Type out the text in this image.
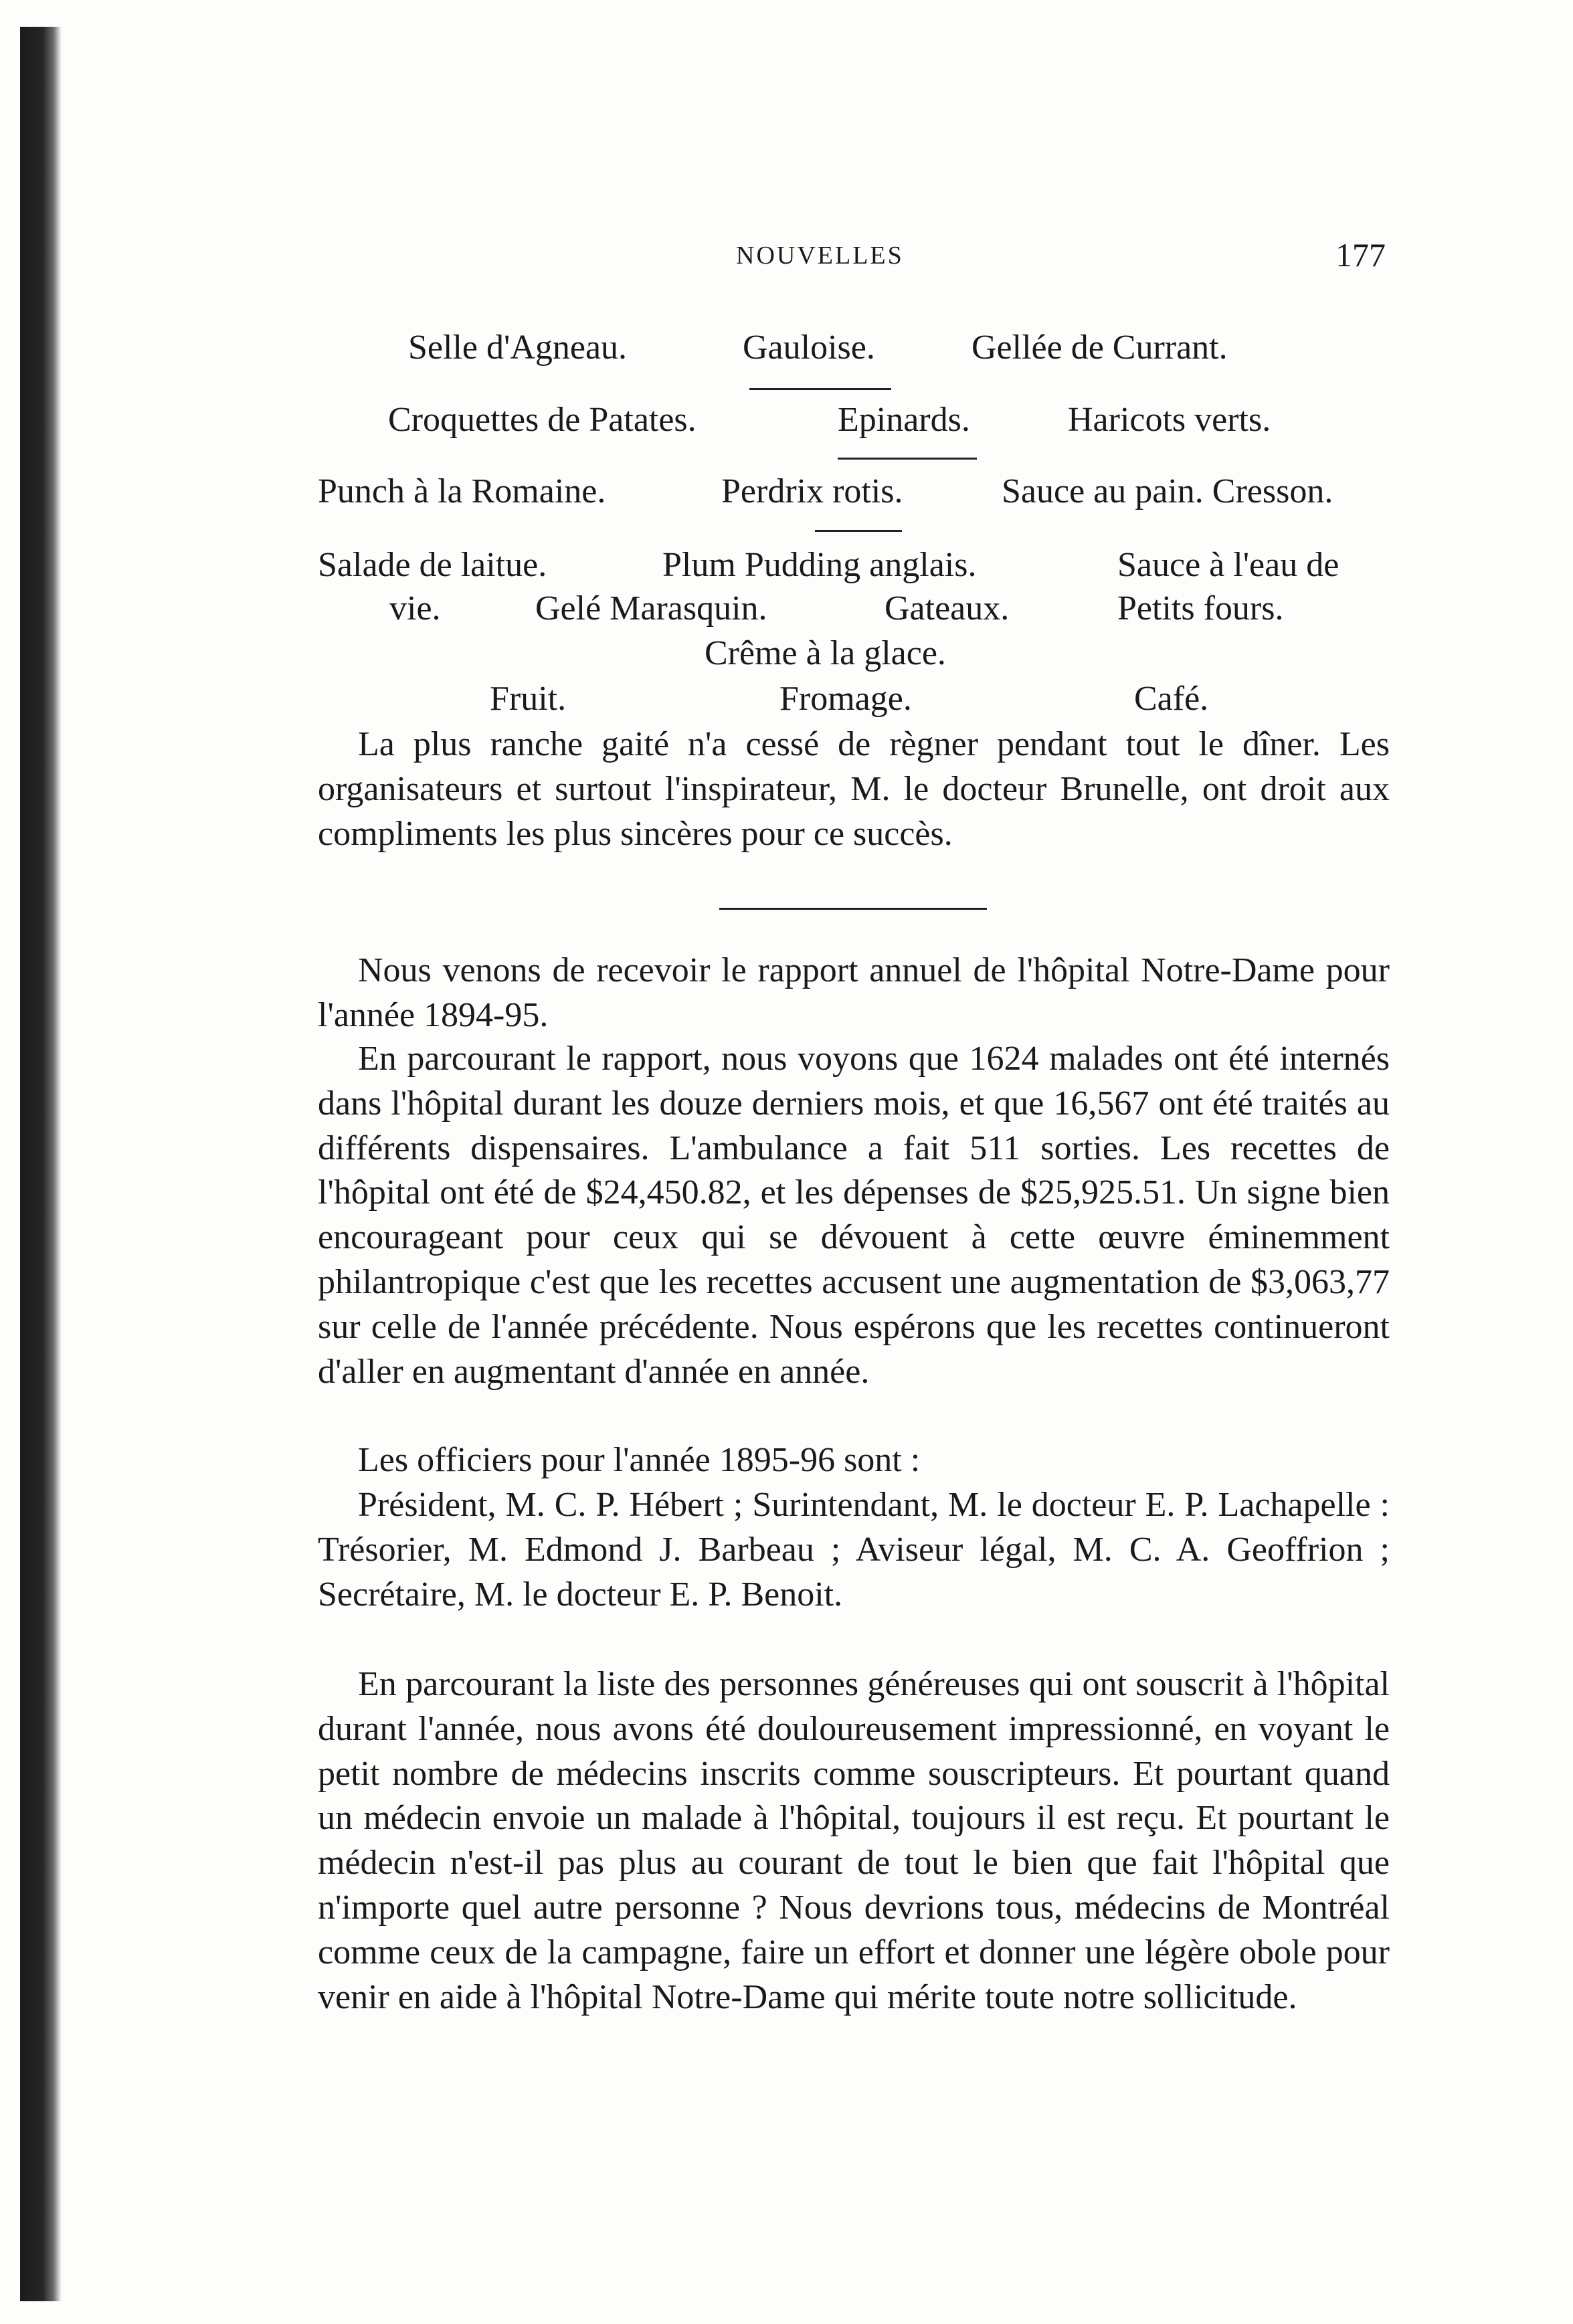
NOUVELLES	177
Selle d'Agneau.	Gauloise.	Gellée de Currant.
Croquettes de Patates.	Epinards.	Haricots verts.
Punch à la Romaine.	Perdrix rotis.	Sauce au pain. Cresson.
Salade de laitue.	Plum Pudding anglais.	Sauce à l'eau de
vie.	Gelé Marasquin.	Gateaux.	Petits fours.
Crême à la glace.
Fruit.	Fromage.	Café.

La plus ranche gaité n'a cessé de règner pendant tout le dîner. Les organisateurs et surtout l'inspirateur, M. le docteur Brunelle, ont droit aux compliments les plus sincères pour ce succès.

Nous venons de recevoir le rapport annuel de l'hôpital Notre-Dame pour l'année 1894-95.

En parcourant le rapport, nous voyons que 1624 malades ont été internés dans l'hôpital durant les douze derniers mois, et que 16,567 ont été traités au différents dispensaires. L'ambulance a fait 511 sorties. Les recettes de l'hôpital ont été de $24,450.82, et les dépenses de $25,925.51. Un signe bien encourageant pour ceux qui se dévouent à cette œuvre éminemment philantropique c'est que les recettes accusent une augmentation de $3,063,77 sur celle de l'année précédente. Nous espérons que les recettes continueront d'aller en augmentant d'année en année.

Les officiers pour l'année 1895-96 sont :

Président, M. C. P. Hébert ; Surintendant, M. le docteur E. P. Lachapelle : Trésorier, M. Edmond J. Barbeau ; Aviseur légal, M. C. A. Geoffrion ; Secrétaire, M. le docteur E. P. Benoit.

En parcourant la liste des personnes généreuses qui ont souscrit à l'hôpital durant l'année, nous avons été douloureusement impressionné, en voyant le petit nombre de médecins inscrits comme souscripteurs. Et pourtant quand un médecin envoie un malade à l'hôpital, toujours il est reçu. Et pourtant le médecin n'est-il pas plus au courant de tout le bien que fait l'hôpital que n'importe quel autre personne ? Nous devrions tous, médecins de Montréal comme ceux de la campagne, faire un effort et donner une légère obole pour venir en aide à l'hôpital Notre-Dame qui mérite toute notre sollicitude.
